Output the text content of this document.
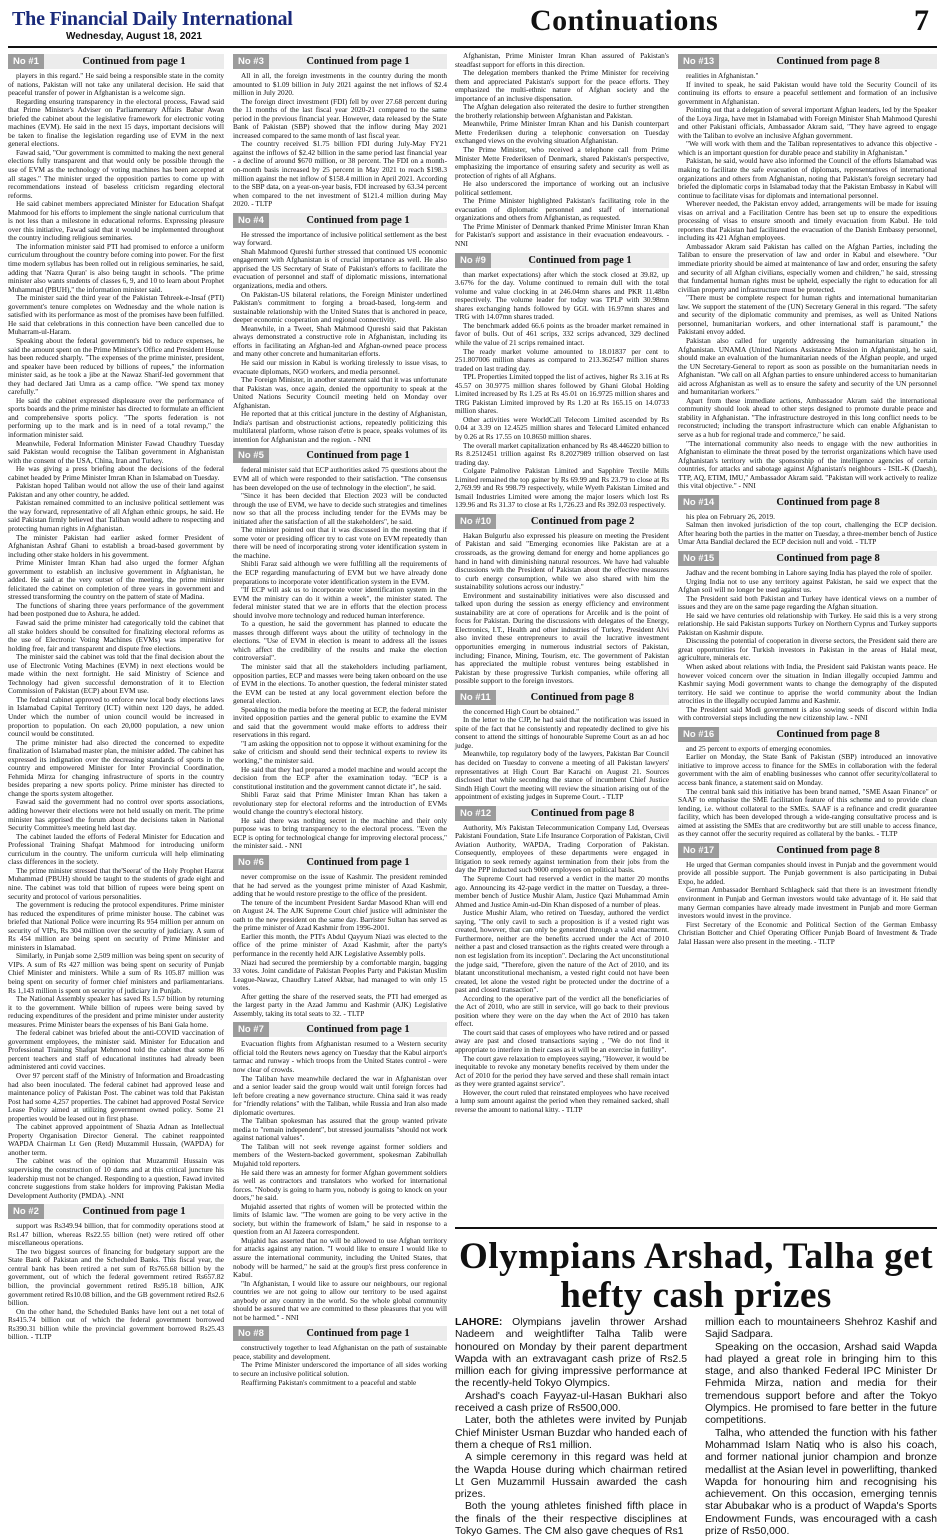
The Financial Daily International
Wednesday, August 18, 2021	Continuations	7
No #1	Continued from page 1

players in this regard." He said being a responsible state in the comity of nations, Pakistan will not take any unilateral decision. He said that peaceful transfer of power in Afghanistan is a welcome sign.

Regarding ensuring transparency in the electoral process, Fawad said that Prime Minister's Adviser on Parliamentary Affairs Babar Awan briefed the cabinet about the legislative framework for electronic voting machines (EVM). He said in the next 15 days, important decisions will be taken to finalise the legislation regarding use of EVM in the next general elections.

Fawad said, "Our government is committed to making the next general elections fully transparent and that would only be possible through the use of EVM as the technology of voting machines has been accepted at all stages." The minister urged the opposition parties to come up with recommendations instead of baseless criticism regarding electoral reforms.

He said cabinet members appreciated Minister for Education Shafqat Mahmood for his efforts to implement the single national curriculum that is not less than a milestone in educational reforms. Expressing pleasure over this initiative, Fawad said that it would be implemented throughout the country including religious seminaries.

The information minister said PTI had promised to enforce a uniform curriculum throughout the country before coming into power. For the first time modern syllabus has been rolled out in religious seminaries, he said, adding that 'Nazra Quran' is also being taught in schools. "The prime minister also wants students of classes 6, 9, and 10 to learn about Prophet Muhammad (PBUH)," the information minister said.

The minister said the third year of the Pakistan Tehreek-e-Insaf (PTI) government's tenure completes on Wednesday and the whole nation is satisfied with its performance as most of the promises have been fulfilled. He said that celebrations in this connection have been cancelled due to Muharram-ul-Haram.

Speaking about the federal government's bid to reduce expenses, he said the amount spent on the Prime Minister's Office and President House has been reduced sharply. "The expenses of the prime minister, president, and speaker have been reduced by billions of rupees," the information minister said, as he took a jibe at the Nawaz Sharif-led government that they had declared Jati Umra as a camp office. "We spend tax money carefully."

He said the cabinet expressed displeasure over the performance of sports boards and the prime minister has directed to formulate an efficient and comprehensive sports policy. "The sports federation is not performing up to the mark and is in need of a total revamp," the information minister said.

Meanwhile, Federal Information Minister Fawad Chaudhry Tuesday said Pakistan would recognise the Taliban government in Afghanistan with the consent of the USA, China, Iran and Turkey.

He was giving a press briefing about the decisions of the federal cabinet headed by Prime Minister Imran Khan in Islamabad on Tuesday.

Pakistan hoped Taliban would not allow the use of their land against Pakistan and any other country, he added.

Pakistan remained committed to an inclusive political settlement was the way forward, representative of all Afghan ethnic groups, he said. He said Pakistan firmly believed that Taliban would adhere to respecting and protecting human rights in Afghanistan.

The minister Pakistan had earlier asked former President of Afghanistan Ashraf Ghani to establish a broad-based government by including other stake holders in his government.

Prime Minister Imran Khan had also urged the former Afghan government to establish an inclusive government in Afghanistan, he added. He said at the very outset of the meeting, the prime minister felicitated the cabinet on completion of three years in government and stressed transforming the country on the pattern of state of Madina.

The functions of sharing three years performance of the government had been postponed due to Ashura, he added.

Fawad said the prime minister had categorically told the cabinet that all stake holders should be consulted for finalizing electoral reforms as the use of Electronic Voting Machines (EVMs) was imperative for holding free, fair and transparent and dispute free elections.

The minister said the cabinet was told that the final decision about the use of Electronic Voting Machines (EVM) in next elections would be made within the next fortnight. He said Ministry of Science and Technology had given successful demonstration of it to Election Commission of Pakistan (ECP) about EVM use.

The federal cabinet approved to enforce new local body elections laws in Islamabad Capital Territory (ICT) within next 120 days, he added. Under which the number of union council would be increased in proportion to population. On each 20,000 population, a new union council would be constituted.

The prime minister had also directed the concerned to expedite finalization of Islamabad master plan, the minister added. The cabinet has expressed its indignation over the decreasing standards of sports in the country and empowered Minister for Inter Provincial Coordination, Fehmida Mirza for changing infrastructure of sports in the country besides preparing a new sports policy. Prime minister has directed to change the sports system altogether.

Fawad said the government had no control over sports associations, adding however their elections were not held usually on merit. The prime minister has apprised the forum about the decisions taken in National Security Committee's meeting held last day.

The cabinet lauded the efforts of Federal Minister for Education and Professional Training Shafqat Mahmood for introducing uniform curriculum in the country. The uniform curricula will help eliminating class differences in the society.

The prime minister stressed that the'Seerat' of the Holy Prophet Hazrat Muhammad (PBUH) should be taught to the students of grade eight and nine. The cabinet was told that billion of rupees were being spent on security and protocol of various personalities.

The government is reducing the protocol expenditures. Prime minister has reduced the expenditures of prime minister house. The cabinet was briefed that National Police were incurring Rs 954 million per annum on security of VIPs, Rs 304 million over the security of judiciary. A sum of Rs 454 million are being spent on security of Prime Minister and ministers in Islamabad.

Similarly, in Punjab some 2,509 million was being spent on security of VIPs. A sum of Rs 427 million was being spent on security of Punjab Chief Minister and ministers. While a sum of Rs 105.87 million was being spent on security of former chief ministers and parliamentarians. Rs 1,143 million is spent on security of judiciary in Punjab.

The National Assembly speaker has saved Rs 1.57 billion by returning it to the government. While billion of rupees were being saved by reducing expenditures of the president and prime minister under austerity measures. Prime Minister bears the expenses of his Bani Gala home.

The federal cabinet was briefed about the anti-COVID vaccination of government employees, the minister said. Minister for Education and Professional Training Shafqat Mehmood told the cabinet that some 86 percent teachers and staff of educational institutes had already been administered anti covid vaccines.

Over 97 percent staff of the Ministry of Information and Broadcasting had also been inoculated. The federal cabinet had approved lease and maintenance policy of Pakistan Post. The cabinet was told that Pakistan Post had some 4,257 properties. The cabinet had approved Postal Service Lease Policy aimed at utilizing government owned policy. Some 21 properties would be leased out in first phase.

The cabinet approved appointment of Shazia Adnan as Intellectual Property Organisation Director General. The cabinet reappointed WAPDA Chairman Lt Gen (Retd) Muzammil Hussain, (WAPDA) for another term.

The cabinet was of the opinion that Muzammil Hussain was supervising the construction of 10 dams and at this critical juncture his leadership must not be changed. Responding to a question, Fawad invited concrete suggestions from stake holders for improving Pakistan Media Development Authority (PMDA). -NNI

No #2	Continued from page 1

support was Rs349.94 billion, that for commodity operations stood at Rs1.47 billion, whereas Rs22.55 billion (net) were retired off other miscellaneous operations.

The two biggest sources of financing for budgetary support are the State Bank of Pakistan and the Scheduled Banks. This fiscal year, the central bank has been retired a net sum of Rs765.68 billion by the government, out of which the federal government retired Rs657.82 billion, the provincial government retired Rs95.18 billion, AJK government retired Rs10.08 billion, and the GB government retired Rs2.6 billion.

On the other hand, the Scheduled Banks have lent out a net total of Rs415.74 billion out of which the federal government borrowed Rs390.31 billion while the provincial government borrowed Rs25.43 billion. - TLTP

No #3	Continued from page 1

All in all, the foreign investments in the country during the month amounted to $1.09 billion in July 2021 against the net inflows of $2.4 million in July 2020.

The foreign direct investment (FDI) fell by over 27.68 percent during the 11 months of the last fiscal year 2020-21 compared to the same period in the previous financial year. However, data released by the State Bank of Pakistan (SBP) showed that the inflow during May 2021 increased compared to the same month of last fiscal year.

The country received $1.75 billion FDI during July-May FY21 against the inflows of $2.42 billion in the same period last financial year - a decline of around $670 million, or 38 percent. The FDI on a month-on-month basis increased by 25 percent in May 2021 to reach $198.3 million against the net inflow of $158.4 million in April 2021. According to the SBP data, on a year-on-year basis, FDI increased by 63.34 percent when compared to the net investment of $121.4 million during May 2020. - TLTP

No #4	Continued from page 1

He stressed the importance of inclusive political settlement as the best way forward.

Shah Mahmood Qureshi further stressed that continued US economic engagement with Afghanistan is of crucial importance as well. He also apprised the US Secretary of State of Pakistan's efforts to facilitate the evacuation of personnel and staff of diplomatic missions, international organizations, media and others.

On Pakistan-US bilateral relations, the Foreign Minister underlined Pakistan's commitment to forging a broad-based, long-term and sustainable relationship with the United States that is anchored in peace, deeper economic cooperation and regional connectivity.

Meanwhile, in a Tweet, Shah Mahmood Qureshi said that Pakistan always demonstrated a constructive role in Afghanistan, including its efforts in facilitating an Afghan-led and Afghan-owned peace process and many other concrete and humanitarian efforts.

He said our mission in Kabul is working tirelessly to issue visas, to evacuate diplomats, NGO workers, and media personnel.

The Foreign Minister, in another statement said that it was unfortunate that Pakistan was, once again, denied the opportunity to speak at the United Nations Security Council meeting held on Monday over Afghanistan.

He reported that at this critical juncture in the destiny of Afghanistan, India's partisan and obstructionist actions, repeatedly politicizing this multilateral platform, whose raison d'etre is peace, speaks volumes of its intention for Afghanistan and the region. - NNI

No #5	Continued from page 1

federal minister said that ECP authorities asked 75 questions about the EVM all of which were responded to their satisfaction. "The consensus has been developed on the use of technology in the election", he said.

"Since it has been decided that Election 2023 will be conducted through the use of EVM, we have to decide such strategies and timelines now so that all the process including tender for the EVMs may be initiated after the satisfaction of all the stakeholders", he said.

The minister pointed out that it was discussed in the meeting that if some voter or presiding officer try to cast vote on EVM repeatedly than there will be need of incorporating strong voter identification system in the machine.

Shibli Faraz said although we were fulfilling all the requirements of the ECP regarding manufacturing of EVM but we have already done preparations to incorporate voter identification system in the EVM.

"If ECP will ask us to incorporate voter identification system in the EVM the ministry can do it within a week", the minister stated. The federal minister stated that we are in efforts that the election process should involve more technology and reduced human interference.

To a question, he said the government has planned to educate the masses through different ways about the utility of technology in the elections. "Use of EVM in election is meant to address all the issues which affect the credibility of the results and make the election controversial".

The minister said that all the stakeholders including parliament, opposition parties, ECP and masses were being taken onboard on the use of EVM in the elections. To another question, the federal minister stated the EVM can be tested at any local government election before the general election.

Speaking to the media before the meeting at ECP, the federal minister invited opposition parties and the general public to examine the EVM and said that the government would make efforts to address their reservations in this regard.

"I am asking the opposition not to oppose it without examining for the sake of criticism and should send their technical experts to review its working," the minister said.

He said that they had prepared a model machine and would accept the decision from the ECP after the examination today. "ECP is a constitutional institution and the government cannot dictate it", he said.

Shibli Faraz said that Prime Minister Imran Khan has taken a revolutionary step for electoral reforms and the introduction of EVMs would change the country's electoral history.

He said there was nothing secret in the machine and their only purpose was to bring transparency to the electoral process. "Even the ECP is opting for technological change for improving electoral process," the minister said. - NNI

No #6	Continued from page 1

never compromise on the issue of Kashmir. The president reminded that he had served as the youngest prime minister of Azad Kashmir, adding that he would restore prestige to the office of the president.

The tenure of the incumbent President Sardar Masood Khan will end on August 24. The AJK Supreme Court chief justice will administer the oath to the new president on the same day. Barrister Sultan has served as the prime minister of Azad Kashmir from 1996-2001.

Earlier this month, the PTI's Abdul Qayyum Niazi was elected to the office of the prime minister of Azad Kashmir, after the party's performance in the recently held AJK Legislative Assembly polls.

Niazi had secured the premiership by a comfortable margin, bagging 33 votes. Joint candidate of Pakistan Peoples Party and Pakistan Muslim League-Nawaz, Chaudhry Lateef Akbar, had managed to win only 15 votes.

After getting the share of the reserved seats, the PTI had emerged as the largest party in the Azad Jammu and Kashmir (AJK) Legislative Assembly, taking its total seats to 32. - TLTP

No #7	Continued from page 1

Evacuation flights from Afghanistan resumed to a Western security official told the Reuters news agency on Tuesday that the Kabul airport's tarmac and runway - which troops from the United States control - were now clear of crowds.

The Taliban have meanwhile declared the war in Afghanistan over and a senior leader said the group would wait until foreign forces had left before creating a new governance structure. China said it was ready for "friendly relations" with the Taliban, while Russia and Iran also made diplomatic overtures.

The Taliban spokesman has assured that the group wanted private media to "remain independent", but stressed journalists "should not work against national values".

The Taliban will not seek revenge against former soldiers and members of the Western-backed government, spokesman Zabihullah Mujahid told reporters.

He said there was an amnesty for former Afghan government soldiers as well as contractors and translators who worked for international forces. "Nobody is going to harm you, nobody is going to knock on your doors," he said.

Mujahid asserted that rights of women will be protected within the limits of Islamic law. "The women are going to be very active in the society, but within the framework of Islam," he said in response to a question from an Al Jazeera correspondent.

Mujahid has asserted that no will be allowed to use Afghan territory for attacks against any nation. "I would like to ensure I would like to assure the international community, including the United States, that nobody will be harmed," he said at the group's first press conference in Kabul.

"In Afghanistan, I would like to assure our neighbours, our regional countries we are not going to allow our territory to be used against anybody or any country in the world. So the whole global community should be assured that we are committed to these pleasures that you will not be harmed." - NNI

No #8	Continued from page 1

constructively together to lead Afghanistan on the path of sustainable peace, stability and development.

The Prime Minister underscored the importance of all sides working to secure an inclusive political solution.

Reaffirming Pakistan's commitment to a peaceful and stable

Afghanistan, Prime Minister Imran Khan assured of Pakistan's steadfast support for efforts in this direction.

The delegation members thanked the Prime Minister for receiving them and appreciated Pakistan's support for the peace efforts. They emphasized the multi-ethnic nature of Afghan society and the importance of an inclusive dispensation.

The Afghan delegation also reiterated the desire to further strengthen the brotherly relationship between Afghanistan and Pakistan.

Meanwhile, Prime Minister Imran Khan and his Danish counterpart Mette Frederiksen during a telephonic conversation on Tuesday exchanged views on the evolving situation Afghanistan.

The Prime Minister, who received a telephone call from Prime Minister Mette Frederiksen of Denmark, shared Pakistan's perspective, emphasizing the importance of ensuring safety and security as well as protection of rights of all Afghans.

He also underscored the importance of working out an inclusive political settlement.

The Prime Minister highlighted Pakistan's facilitating role in the evacuation of diplomatic personnel and staff of international organizations and others from Afghanistan, as requested.

The Prime Minister of Denmark thanked Prime Minister Imran Khan for Pakistan's support and assistance in their evacuation endeavours. - NNI

No #9	Continued from page 1

than market expectations) after which the stock closed at 39.82, up 3.67% for the day. Volume continued to remain dull with the total volume and value clocking in at 246.04mn shares and PKR 11.48bn respectively. The volume leader for today was TPLP with 30.98mn shares exchanging hands followed by GGL with 16.97mn shares and TRG with 14.07mn shares traded.

The benchmark added 66.6 points as the broader market remained in favor of bulls. Out of 461 scrips, 332 scrips advanced, 329 declined while the value of 21 scrips remained intact.

The ready market volume amounted to 18.01837 per cent to 251.807006 million shares as compared to 213.362547 million shares traded on last trading day.

TPL Properties Limited topped the list of actives, higher Rs 3.16 at Rs 45.57 on 30.9775 million shares followed by Ghani Global Holding Limited increased by Rs 1.25 at Rs 45.01 on 16.9725 million shares and TRG Pakistan Limited improved by Rs 1.20 at Rs 165.15 on 14.0733 million shares.

Other activities were WorldCall Telecom Limited ascended by Rs 0.04 at 3.39 on 12.4525 million shares and Telecard Limited enhanced by 0.26 at Rs 17.55 on 10.8650 million shares.

The overall market capitalization enhanced by Rs 48.446220 billion to Rs 8.2512451 trillion against Rs 8.2027989 trillion observed on last trading day.

Colgate Palmolive Pakistan Limited and Sapphire Textile Mills Limited remained the top gainer by Rs 69.99 and Rs 23.79 to close at Rs 2,769.99 and Rs 998.79 respectively, while Wyeth Pakistan Limited and Ismail Industries Limited were among the major losers which lost Rs 139.96 and Rs 31.37 to close at Rs 1,726.23 and Rs 392.03 respectively.

No #10	Continued from page 2

Hakan Bulgurlu also expressed his pleasure on meeting the President of Pakistan and said "Emerging economies like Pakistan are at a crossroads, as the growing demand for energy and home appliances go hand in hand with diminishing natural resources. We have had valuable discussions with the President of Pakistan about the effective measures to curb energy consumption, while we also shared with him the sustainability solutions across our industry."

Environment and sustainability initiatives were also discussed and talked upon during the session as energy efficiency and environment sustainability are at core of operations for Arcelik and is the point of focus for Pakistan. During the discussions with delegates of the Energy, Electronics, I.T., Health and other industries of Turkey, President Alvi also invited these entrepreneurs to avail the lucrative investment opportunities emerging in numerous industrial sectors of Pakistan, including; Finance, Mining, Tourism, etc. The government of Pakistan has appreciated the multiple robust ventures being established in Pakistan by these progressive Turkish companies, while offering all possible support to the foreign investors.

No #11	Continued from page 8

the concerned High Court be obtained."

In the letter to the CJP, he had said that the notification was issued in spite of the fact that he consistently and repeatedly declined to give his consent to attend the sittings of honourable Supreme Court as an ad hoc judge.

Meanwhile, top regulatory body of the lawyers, Pakistan Bar Council has decided on Tuesday to convene a meeting of all Pakistan lawyers' representatives at High Court Bar Karachi on August 21. Sources disclosed that while seconding the stance of incumbent Chief Justice Sindh High Court the meeting will review the situation arising out of the appointment of existing judges in Supreme Court. - TLTP

No #12	Continued from page 8

Authority, M/s Pakistan Telecommunication Company Ltd, Overseas Pakistani Foundation, State Life Insurance Corporation of Pakistan, Civil Aviation Authority, WAPDA, Trading Corporation of Pakistan. Consequently, employees of these departments were engaged in litigation to seek remedy against termination from their jobs from the day the PPP inducted such 9000 employees on political basis.

The Supreme Court had reserved a verdict in the matter 20 months ago. Announcing its 42-page verdict in the matter on Tuesday, a three-member bench of Justice Mushir Alam, Justice Qazi Muhammad Amin Ahmed and Justice Amin-ud-Din Khan disposed of a number of pleas.

Justice Mushir Alam, who retired on Tuesday, authored the verdict saying, "The only cavil to such a proposition is if a vested right was created, however, that can only be generated through a valid enactment. Furthermore, neither are the benefits accrued under the Act of 2010 neither a past and closed transaction as the rights created were through a non est legislation from its inception". Declaring the Act unconstitutional the judge said, "Therefore, given the nature of the Act of 2010, and its blatant unconstitutional mechanism, a vested right could not have been created, let alone the vested right be protected under the doctrine of a past and closed transaction".

According to the operative part of the verdict all the beneficiaries of the Act of 2010, who are still in service, will go back to their previous position where they were on the day when the Act of 2010 has taken effect.

The court said that cases of employees who have retired and or passed away are past and closed transactions saying , "We do not find it appropriate to interfere in their cases as it will be an exercise in futility".

The court gave relaxation to employees saying, "However, it would be inequitable to revoke any monetary benefits received by them under the Act of 2010 for the period they have served and these shall remain intact as they were granted against service".

However, the court ruled that reinstated employees who have received a lump sum amount against the period when they remained sacked, shall reverse the amount to national kitty. - TLTP

No #13	Continued from page 8

realities in Afghanistan."

If invited to speak, he said Pakistan would have told the Security Council of its continuing its efforts to ensure a peaceful settlement and formation of an inclusive government in Afghanistan.

Pointing out that a delegation of several important Afghan leaders, led by the Speaker of the Loya Jirga, have met in Islamabad with Foreign Minister Shah Mahmood Qureshi and other Pakistani officials, Ambassador Akram said, "They have agreed to engage with the Taliban to evolve an inclusive Afghan government.

"We will work with them and the Taliban representatives to advance this objective - which is an important question for durable peace and stability in Afghanistan."

Pakistan, he said, would have also informed the Council of the efforts Islamabad was making to facilitate the safe evacuation of diplomats, representatives of international organizations and others from Afghanistan, noting that Pakistan's foreign secretary had briefed the diplomatic corps in Islamabad today that the Pakistan Embassy in Kabul will continue to facilitate visas for diplomats and international personnel.

Wherever needed, the Pakistan envoy added, arrangements will be made for issuing visas on arrival and a Facilitation Centre has been set up to ensure the expeditious processing of visas to ensure smooth and timely evacuation from Kabul. He told reporters that Pakistan had facilitated the evacuation of the Danish Embassy personnel, including its 421 Afghan employees.

Ambassador Akram said Pakistan has called on the Afghan Parties, including the Taliban to ensure the preservation of law and order in Kabul and elsewhere. "Our immediate priority should be aimed at maintenance of law and order, ensuring the safety and security of all Afghan civilians, especially women and children," he said, stressing that fundamental human rights must be upheld, especially the right to education for all civilian property and infrastructure must be protected.

"There must be complete respect for human rights and international humanitarian law. We support the statement of the (UN) Secretary General in this regard. "The safety and security of the diplomatic community and premises, as well as United Nations personnel, humanitarian workers, and other international staff is paramount," the Pakistani envoy added.

Pakistan also called for urgently addressing the humanitarian situation in Afghanistan. UNAMA (United Nations Assistance Mission in Afghanistan), he said, should make an evaluation of the humanitarian needs of the Afghan people, and urged the UN Secretary-General to report as soon as possible on the humanitarian needs in Afghanistan. "We call on all Afghan parties to ensure unhindered access to humanitarian aid across Afghanistan as well as to ensure the safety and security of the UN personnel and humanitarian workers."

Apart from these immediate actions, Ambassador Akram said the international community should look ahead to other steps designed to promote durable peace and stability in Afghanistan. "The infrastructure destroyed in this long conflict needs to be reconstructed; including the transport infrastructure which can enable Afghanistan to serve as a hub for regional trade and commerce," he said.

"The international community also needs to engage with the new authorities in Afghanistan to eliminate the threat posed by the terrorist organizations which have used Afghanistan's territory with the sponsorship of the intelligence agencies of certain countries, for attacks and sabotage against Afghanistan's neighbours - ISIL-K (Daesh), TTP, AQ, ETIM, IMU," Ambassador Akram said. "Pakistan will work actively to realize this vital objective." - NNI

No #14	Continued from page 8

his plea on February 26, 2019.

Salman then invoked jurisdiction of the top court, challenging the ECP decision. After hearing both the parties in the matter on Tuesday, a three-member bench of Justice Umar Atta Bandial declared the ECP decision null and void. - TLTP

No #15	Continued from page 8

Jadhav and the recent bombing in Lahore saying India has played the role of spoiler.

Urging India not to use any territory against Pakistan, he said we expect that the Afghan soil will no longer be used against us.

The President said both Pakistan and Turkey have identical views on a number of issues and they are on the same page regarding the Afghan situation.

He said we have centuries old relationship with Turkey. He said this is a very strong relationship. He said Pakistan supports Turkey on Northern Cyprus and Turkey supports Pakistan on Kashmir dispute.

Discussing the potential of cooperation in diverse sectors, the President said there are great opportunities for Turkish investors in Pakistan in the areas of Halal meat, agriculture, minerals etc.

When asked about relations with India, the President said Pakistan wants peace. He however voiced concern over the situation in Indian illegally occupied Jammu and Kashmir saying Modi government wants to change the demography of the disputed territory. He said we continue to apprise the world community about the Indian atrocities in the illegally occupied Jammu and Kashmir.

The President said Modi government is also sowing seeds of discord within India with controversial steps including the new citizenship law. - NNI

No #16	Continued from page 8

and 25 percent to exports of emerging economies.

Earlier on Monday, the State Bank of Pakistan (SBP) introduced an innovative initiative to improve access to finance for the SMEs in collaboration with the federal government with the aim of enabling businesses who cannot offer security/collateral to access bank finance, a statement said on Monday.

The central bank said this initiative has been brand named, "SME Asaan Finance" or SAAF to emphasise the SME facilitation feature of this scheme and to provide clean lending, i.e. without collateral to the SMEs. SAAF is a refinance and credit guarantee facility, which has been developed through a wide-ranging consultative process and is aimed at assisting the SMEs that are creditworthy but are still unable to access finance, as they cannot offer the security required as collateral by the banks. - TLTP

No #17	Continued from page 8

He urged that German companies should invest in Punjab and the government would provide all possible support. The Punjab government is also participating in Dubai Expo, he added.

German Ambassador Bernhard Schlagheck said that there is an investment friendly environment in Punjab and German investors would take advantage of it. He said that many German companies have already made investment in Punjab and more German investors would invest in the province.

First Secretary of the Economic and Political Section of the German Embassy Christian Bottcher and Chief Operating Officer Punjab Board of Investment & Trade Jalal Hassan were also present in the meeting. - TLTP

Olympians Arshad, Talha get hefty cash prizes

LAHORE: Olympians javelin thrower Arshad Nadeem and weightlifter Talha Talib were honoured on Monday by their parent department Wapda with an extravagant cash prize of Rs2.5 million each for giving impressive performance at the recently-held Tokyo Olympics.

Arshad's coach Fayyaz-ul-Hasan Bukhari also received a cash prize of Rs500,000.

Later, both the athletes were invited by Punjab Chief Minister Usman Buzdar who handed each of them a cheque of Rs1 million.

A simple ceremony in this regard was held at the Wapda House during which chairman retired Lt Gen Muzammil Hussain awarded the cash prizes.

Both the young athletes finished fifth place in the finals of the their respective disciplines at Tokyo Games. The CM also gave cheques of Rs1

million each to mountaineers Shehroz Kashif and Sajid Sadpara.

Speaking on the occasion, Arshad said Wapda had played a great role in bringing him to this stage, and also thanked Federal IPC Minister Dr Fehmida Mirza, nation and media for their tremendous support before and after the Tokyo Olympics. He promised to fare better in the future competitions.

Talha, who attended the function with his father Mohammad Islam Natiq who is also his coach, and former national junior champion and bronze medallist at the Asian level in powerlifting, thanked Wapda for honouring him and recognising his achievement. On this occasion, emerging tennis star Abubakar who is a product of Wapda's Sports Endowment Funds, was encouraged with a cash prize of Rs50,000.
